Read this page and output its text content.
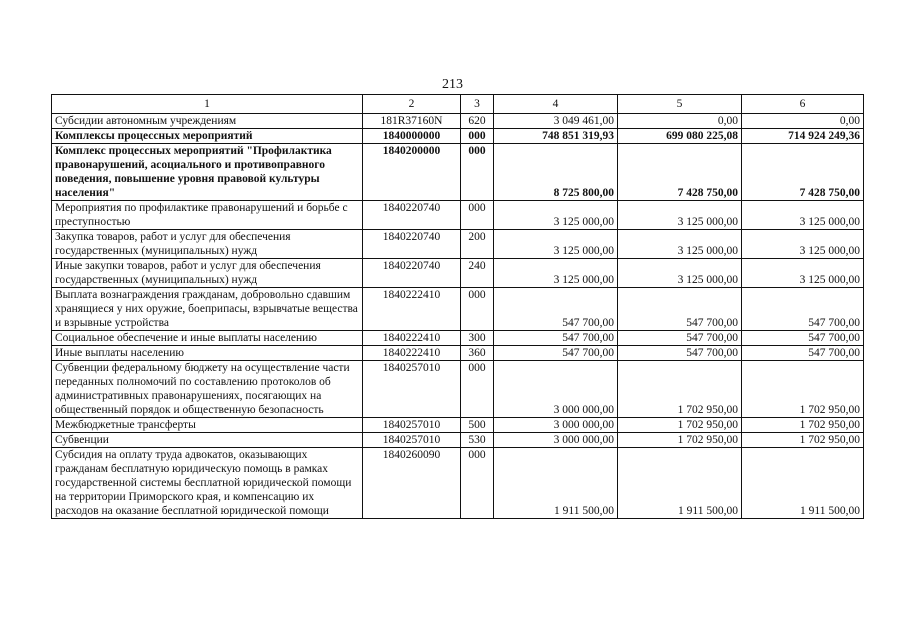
213
1	2	3	4	5	6
Субсидии автономным учреждениям	181R37160N	620	3 049 461,00	0,00	0,00
Комплексы процессных мероприятий	1840000000	000	748 851 319,93	699 080 225,08	714 924 249,36
Комплекс процессных мероприятий "Профилактика правонарушений, асоциального и противоправного поведения, повышение уровня правовой культуры населения"	1840200000	000	8 725 800,00	7 428 750,00	7 428 750,00
Мероприятия по профилактике правонарушений и борьбе с преступностью	1840220740	000	3 125 000,00	3 125 000,00	3 125 000,00
Закупка товаров, работ и услуг для обеспечения государственных (муниципальных) нужд	1840220740	200	3 125 000,00	3 125 000,00	3 125 000,00
Иные закупки товаров, работ и услуг для обеспечения государственных (муниципальных) нужд	1840220740	240	3 125 000,00	3 125 000,00	3 125 000,00
Выплата вознаграждения гражданам, добровольно сдавшим хранящиеся у них оружие, боеприпасы, взрывчатые вещества и взрывные устройства	1840222410	000	547 700,00	547 700,00	547 700,00
Социальное обеспечение и иные выплаты населению	1840222410	300	547 700,00	547 700,00	547 700,00
Иные выплаты населению	1840222410	360	547 700,00	547 700,00	547 700,00
Субвенции федеральному бюджету на осуществление части переданных полномочий по составлению протоколов об административных правонарушениях, посягающих на общественный порядок и общественную безопасность	1840257010	000	3 000 000,00	1 702 950,00	1 702 950,00
Межбюджетные трансферты	1840257010	500	3 000 000,00	1 702 950,00	1 702 950,00
Субвенции	1840257010	530	3 000 000,00	1 702 950,00	1 702 950,00
Субсидия на оплату труда адвокатов, оказывающих гражданам бесплатную юридическую помощь в рамках государственной системы бесплатной юридической помощи на территории Приморского края, и компенсацию их расходов на оказание бесплатной юридической помощи	1840260090	000	1 911 500,00	1 911 500,00	1 911 500,00
